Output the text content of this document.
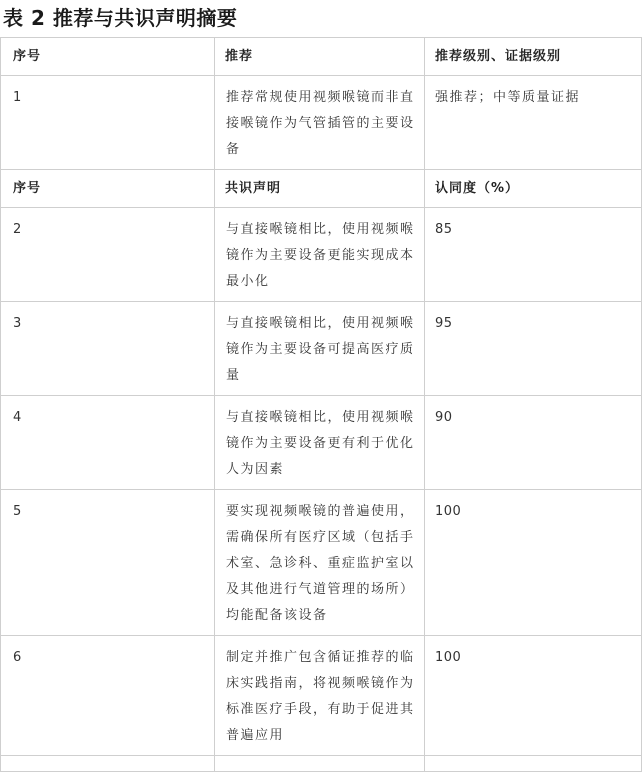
表 2 推荐与共识声明摘要
序号	推荐	推荐级别、证据级别
1	推荐常规使用视频喉镜而非直接喉镜作为气管插管的主要设备	强推荐；中等质量证据
序号	共识声明	认同度（%）
2	与直接喉镜相比，使用视频喉镜作为主要设备更能实现成本最小化	85
3	与直接喉镜相比，使用视频喉镜作为主要设备可提高医疗质量	95
4	与直接喉镜相比，使用视频喉镜作为主要设备更有利于优化人为因素	90
5	要实现视频喉镜的普遍使用，需确保所有医疗区域（包括手术室、急诊科、重症监护室以及其他进行气道管理的场所）均能配备该设备	100
6	制定并推广包含循证推荐的临床实践指南，将视频喉镜作为标准医疗手段，有助于促进其普遍应用	100
